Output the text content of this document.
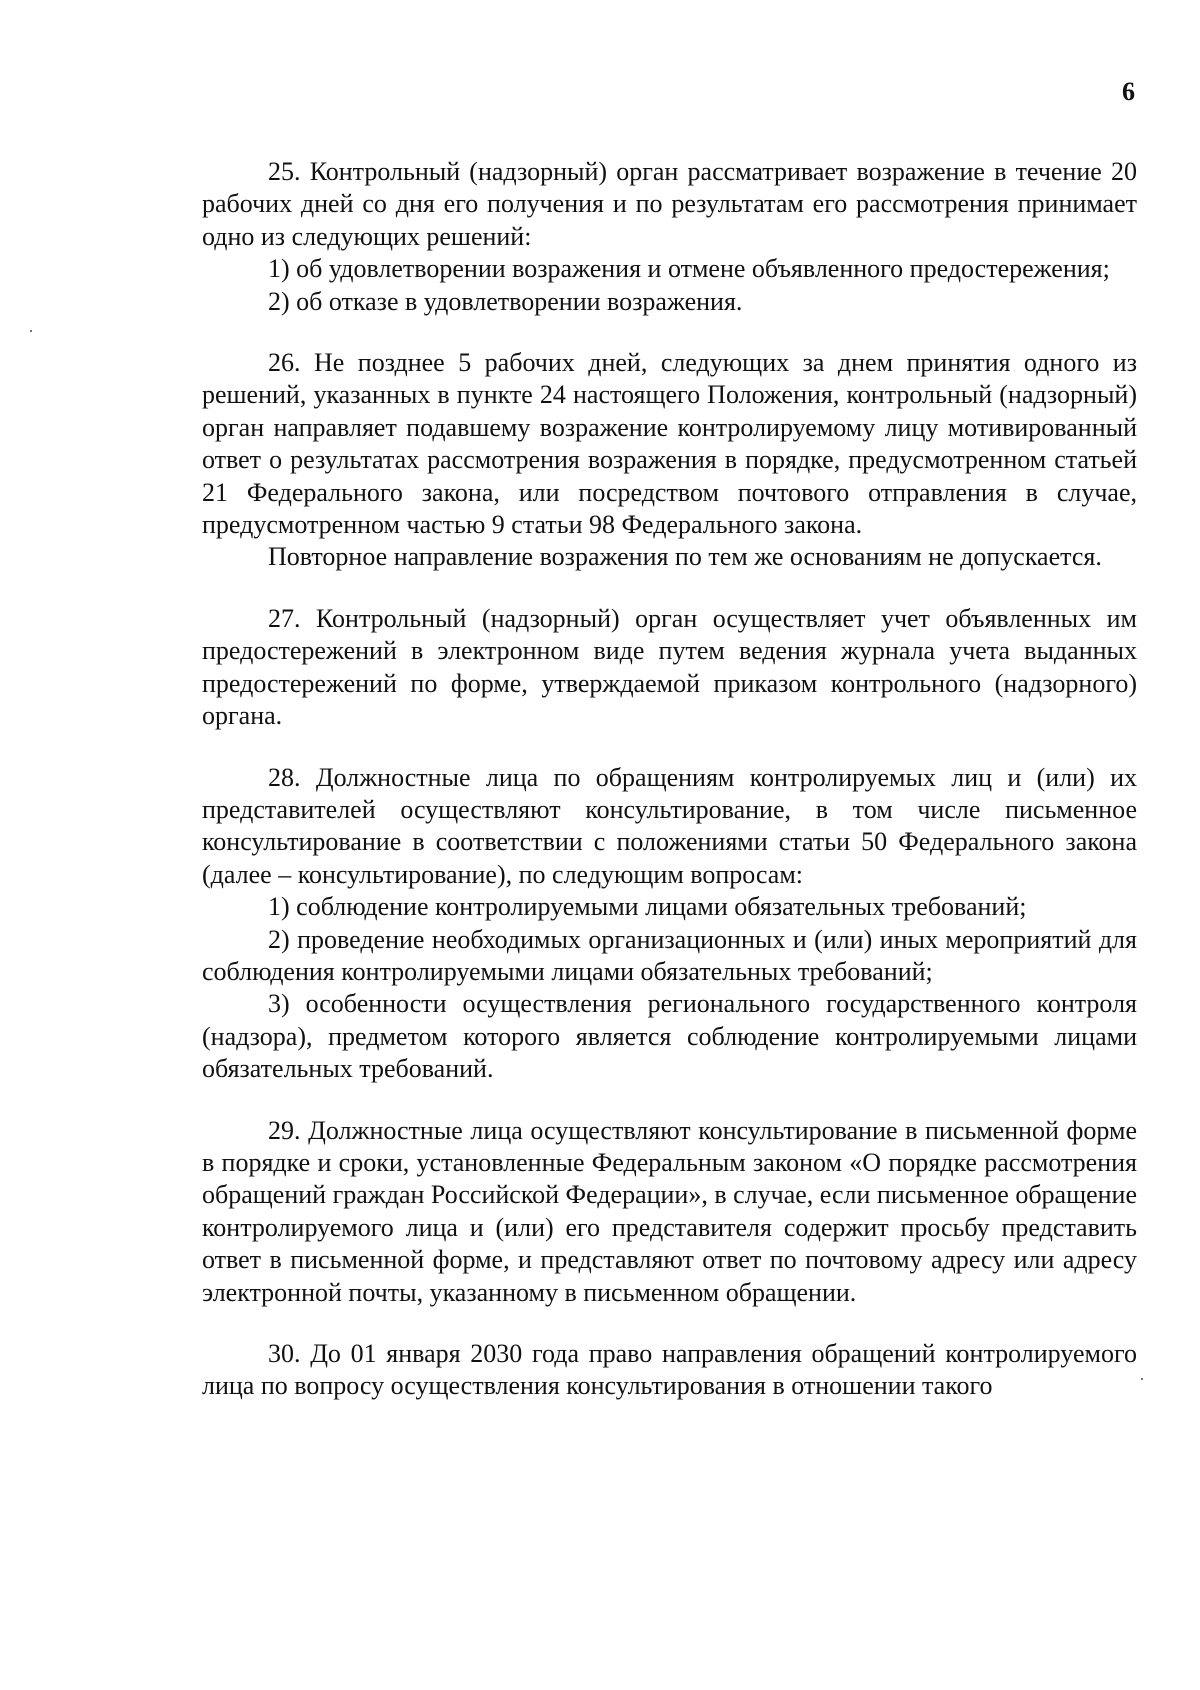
6

25. Контрольный (надзорный) орган рассматривает возражение в течение 20 рабочих дней со дня его получения и по результатам его рассмотрения принимает одно из следующих решений:

1) об удовлетворении возражения и отмене объявленного предостережения;

2) об отказе в удовлетворении возражения.

26. Не позднее 5 рабочих дней, следующих за днем принятия одного из решений, указанных в пункте 24 настоящего Положения, контрольный (надзорный) орган направляет подавшему возражение контролируемому лицу мотивированный ответ о результатах рассмотрения возражения в порядке, предусмотренном статьей 21 Федерального закона, или посредством почтового отправления в случае, предусмотренном частью 9 статьи 98 Федерального закона.

Повторное направление возражения по тем же основаниям не допускается.

27. Контрольный (надзорный) орган осуществляет учет объявленных им предостережений в электронном виде путем ведения журнала учета выданных предостережений по форме, утверждаемой приказом контрольного (надзорного) органа.

28. Должностные лица по обращениям контролируемых лиц и (или) их представителей осуществляют консультирование, в том числе письменное консультирование в соответствии с положениями статьи 50 Федерального закона (далее – консультирование), по следующим вопросам:

1) соблюдение контролируемыми лицами обязательных требований;

2) проведение необходимых организационных и (или) иных мероприятий для соблюдения контролируемыми лицами обязательных требований;

3) особенности осуществления регионального государственного контроля (надзора), предметом которого является соблюдение контролируемыми лицами обязательных требований.

29. Должностные лица осуществляют консультирование в письменной форме в порядке и сроки, установленные Федеральным законом «О порядке рассмотрения обращений граждан Российской Федерации», в случае, если письменное обращение контролируемого лица и (или) его представителя содержит просьбу представить ответ в письменной форме, и представляют ответ по почтовому адресу или адресу электронной почты, указанному в письменном обращении.

30. До 01 января 2030 года право направления обращений контролируемого лица по вопросу осуществления консультирования в отношении такого
